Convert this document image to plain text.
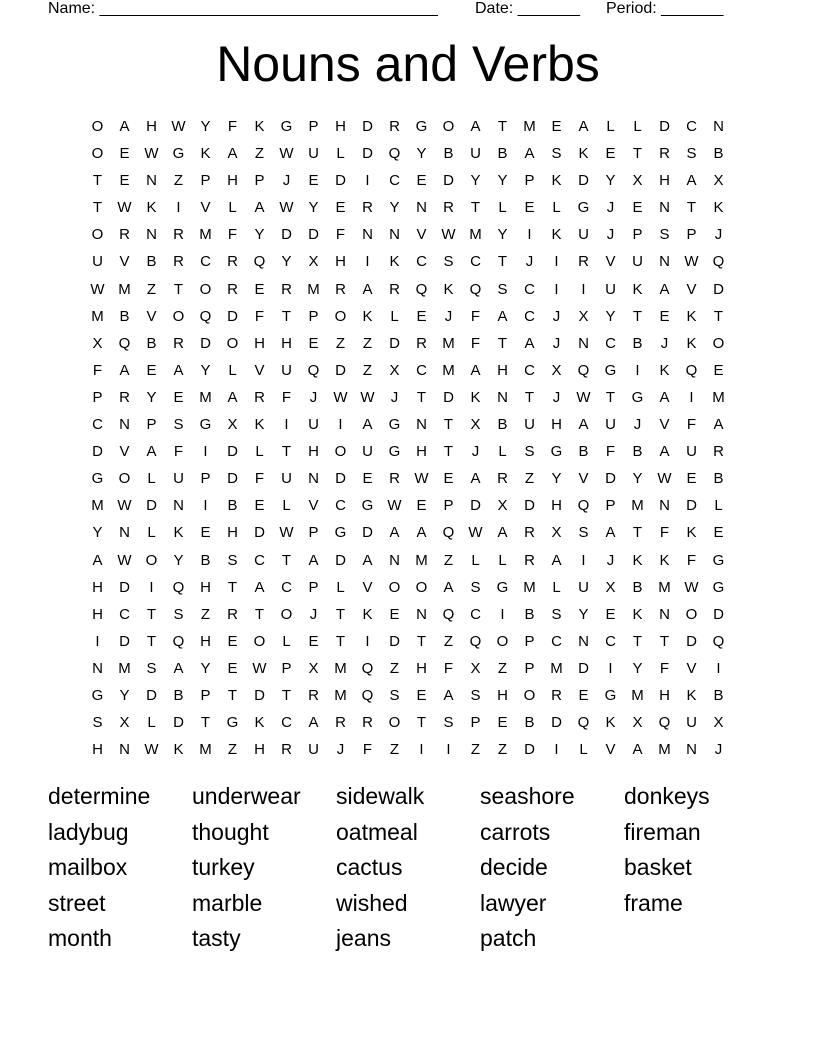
Name: ______________________________________ Date: _______ Period: _______
Nouns and Verbs
O	A	H W Y	F	K	G	P	H	D	R	G	O	A	T	M	E	A	L	L	D	C	N
O	E W G	K	A	Z	W U	L	D	Q	Y	B	U	B	A	S	K	E	T	R	S	B
T	E	N	Z	P	H	P	J	E	D	I	C	E	D	Y	Y	P	K	D	Y	X	H	A	X
T	W K	I	V	L	A W Y	E	R	Y	N	R	T	L	E	L	G	J	E	N	T	K
O	R	N	R	M	F	Y	D	D	F	N	N	V W M	Y	I	K	U	J	P	S	P	J
U	V	B	R	C	R	Q	Y	X	H	I	K	C	S	C	T	J	I	R	V	U	N W Q
W M	Z	T	O	R	E	R	M	R	A	R	Q	K	Q	S	C	I	I	U	K	A	V	D
M	B	V	O	Q	D	F	T	P	O	K	L	E	J	F	A	C	J	X	Y	T	E	K	T
X	Q	B	R	D	O	H	H	E	Z	Z	D	R	M	F	T	A	J	N	C	B	J	K	O
F	A	E	A	Y	L	V	U	Q	D	Z	X	C	M	A	H	C	X	Q	G	I	K	Q	E
P	R	Y	E	M	A	R	F	J	W W	J	T	D	K	N	T	J	W	T	G	A	I	M
C	N	P	S	G	X	K	I	U	I	A	G	N	T	X	B	U	H	A	U	J	V	F	A
D	V	A	F	I	D	L	T	H	O	U	G	H	T	J	L	S	G	B	F	B	A	U	R
G	O	L	U	P	D	F	U	N	D	E	R W E	A	R	Z	Y	V	D	Y W E	B
M W D	N	I	B	E	L	V	C	G W E	P	D	X	D	H	Q	P	M	N	D	L
Y	N	L	K	E	H	D W P	G	D	A	A	Q W A	R	X	S	A	T	F	K	E
A W O	Y	B	S	C	T	A	D	A	N	M	Z	L	L	R	A	I	J	K	K	F	G
H	D	I	Q	H	T	A	C	P	L	V	O	O	A	S	G M	L	U	X	B	M W G
H	C	T	S	Z	R	T	O	J	T	K	E	N	Q	C	I	B	S	Y	E	K	N	O	D
I	D	T	Q	H	E	O	L	E	T	I	D	T	Z	Q	O	P	C	N	C	T	T	D	Q
N	M	S	A	Y	E W P	X	M Q	Z	H	F	X	Z	P	M	D	I	Y	F	V	I
G	Y	D	B	P	T	D	T	R	M Q	S	E	A	S	H	O	R	E	G M	H	K	B
S	X	L	D	T	G	K	C	A	R	R	O	T	S	P	E	B	D	Q	K	X	Q	U	X
H	N W K	M	Z	H	R	U	J	F	Z	I	I	Z	Z	D	I	L	V	A	M	N	J
determine	underwear	sidewalk	seashore	donkeys
ladybug	thought	oatmeal	carrots	fireman
mailbox	turkey	cactus	decide	basket
street	marble	wished	lawyer	frame
month	tasty	jeans	patch
